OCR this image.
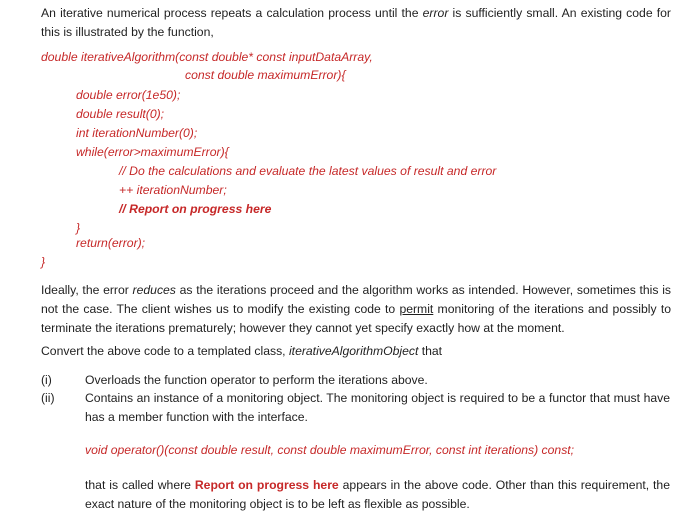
An iterative numerical process repeats a calculation process until the error is sufficiently small. An existing code for this is illustrated by the function,
double iterativeAlgorithm(const double* const inputDataArray,
const double maximumError){
double error(1e50);
double result(0);
int iterationNumber(0);
while(error>maximumError){
// Do the calculations and evaluate the latest values of result and error
++ iterationNumber;
// Report on progress here
}
return(error);
}
Ideally, the error reduces as the iterations proceed and the algorithm works as intended. However, sometimes this is not the case. The client wishes us to modify the existing code to permit monitoring of the iterations and possibly to terminate the iterations prematurely; however they cannot yet specify exactly how at the moment.
Convert the above code to a templated class, iterativeAlgorithmObject that
(i)	Overloads the function operator to perform the iterations above.
(ii) Contains an instance of a monitoring object. The monitoring object is required to be a functor that must have has a member function with the interface.
void operator()(const double result, const double maximumError, const int iterations) const;
that is called where Report on progress here appears in the above code. Other than this requirement, the exact nature of the monitoring object is to be left as flexible as possible.
